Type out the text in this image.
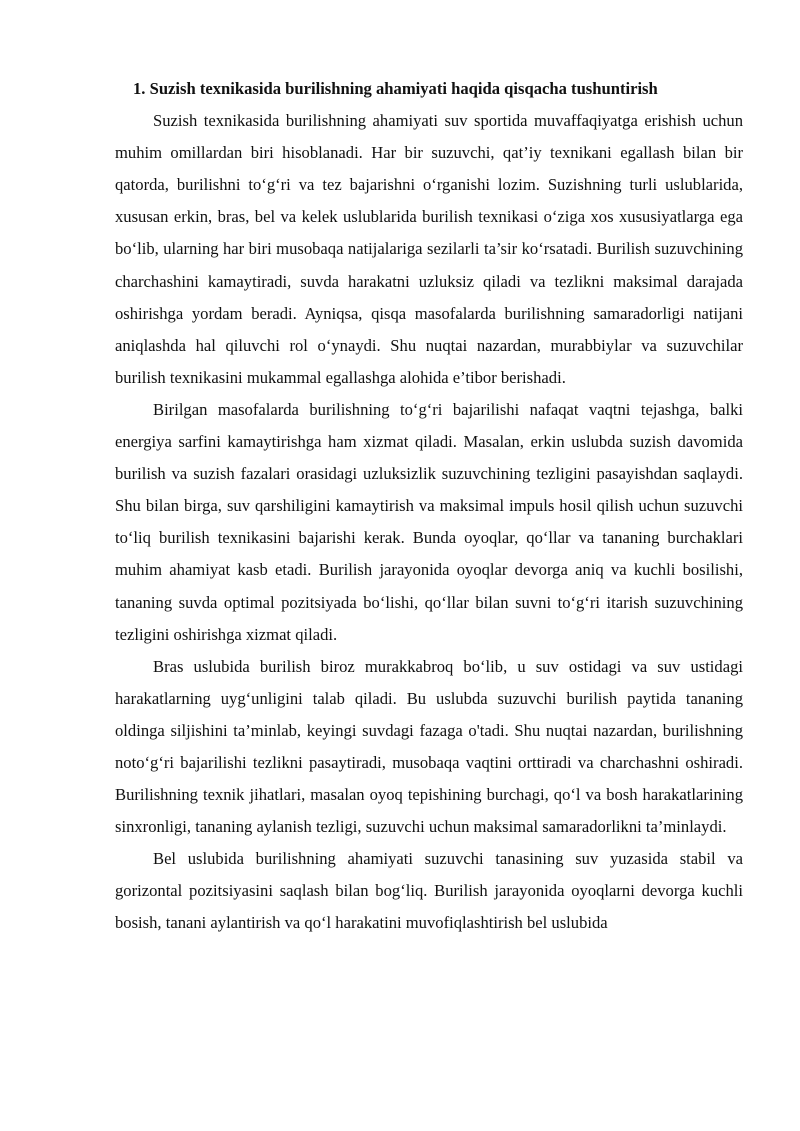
1. Suzish texnikasida burilishning ahamiyati haqida qisqacha tushuntirish

Suzish texnikasida burilishning ahamiyati suv sportida muvaffaqiyatga erishish uchun muhim omillardan biri hisoblanadi. Har bir suzuvchi, qat’iy texnikani egallash bilan bir qatorda, burilishni to‘g‘ri va tez bajarishni o‘rganishi lozim. Suzishning turli uslublarida, xususan erkin, bras, bel va kelek uslublarida burilish texnikasi o‘ziga xos xususiyatlarga ega bo‘lib, ularning har biri musobaqa natijalariga sezilarli ta’sir ko‘rsatadi. Burilish suzuvchining charchashini kamaytiradi, suvda harakatni uzluksiz qiladi va tezlikni maksimal darajada oshirishga yordam beradi. Ayniqsa, qisqa masofalarda burilishning samaradorligi natijani aniqlashda hal qiluvchi rol o‘ynaydi. Shu nuqtai nazardan, murabbiylar va suzuvchilar burilish texnikasini mukammal egallashga alohida e’tibor berishadi.

Birilgan masofalarda burilishning to‘g‘ri bajarilishi nafaqat vaqtni tejashga, balki energiya sarfini kamaytirishga ham xizmat qiladi. Masalan, erkin uslubda suzish davomida burilish va suzish fazalari orasidagi uzluksizlik suzuvchining tezligini pasayishdan saqlaydi. Shu bilan birga, suv qarshiligini kamaytirish va maksimal impuls hosil qilish uchun suzuvchi to‘liq burilish texnikasini bajarishi kerak. Bunda oyoqlar, qo‘llar va tananing burchaklari muhim ahamiyat kasb etadi. Burilish jarayonida oyoqlar devorga aniq va kuchli bosilishi, tananing suvda optimal pozitsiyada bo‘lishi, qo‘llar bilan suvni to‘g‘ri itarish suzuvchining tezligini oshirishga xizmat qiladi.

Bras uslubida burilish biroz murakkabroq bo‘lib, u suv ostidagi va suv ustidagi harakatlarning uyg‘unligini talab qiladi. Bu uslubda suzuvchi burilish paytida tananing oldinga siljishini ta’minlab, keyingi suvdagi fazaga o'tadi. Shu nuqtai nazardan, burilishning noto‘g‘ri bajarilishi tezlikni pasaytiradi, musobaqa vaqtini orttiradi va charchashni oshiradi. Burilishning texnik jihatlari, masalan oyoq tepishining burchagi, qo‘l va bosh harakatlarining sinxronligi, tananing aylanish tezligi, suzuvchi uchun maksimal samaradorlikni ta’minlaydi.

Bel uslubida burilishning ahamiyati suzuvchi tanasining suv yuzasida stabil va gorizontal pozitsiyasini saqlash bilan bog‘liq. Burilish jarayonida oyoqlarni devorga kuchli bosish, tanani aylantirish va qo‘l harakatini muvofiqlashtirish bel uslubida
